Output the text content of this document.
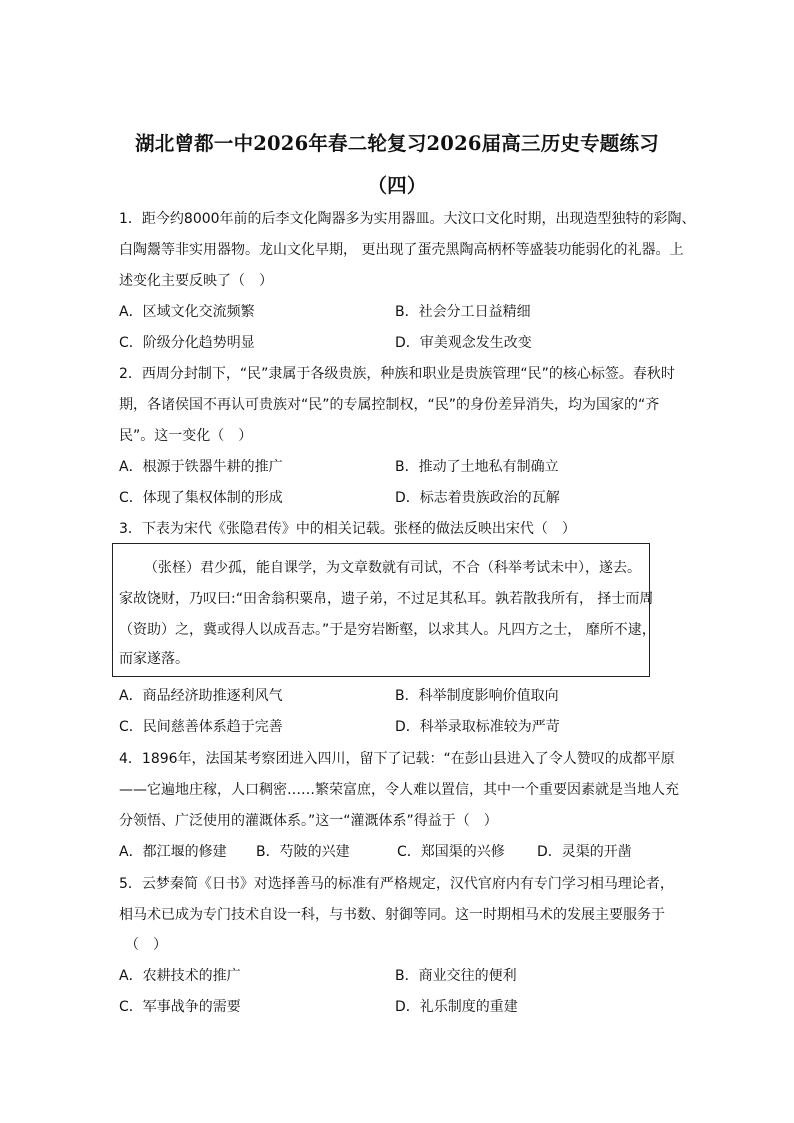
湖北曾都一中2026年春二轮复习2026届高三历史专题练习
（四）
1．距今约8000年前的后李文化陶器多为实用器皿。大汶口文化时期，出现造型独特的彩陶、
白陶鬶等非实用器物。龙山文化早期， 更出现了蛋壳黑陶高柄杯等盛装功能弱化的礼器。上
述变化主要反映了（　）
A．区域文化交流频繁	B．社会分工日益精细
C．阶级分化趋势明显	D．审美观念发生改变
2．西周分封制下，“民”隶属于各级贵族，种族和职业是贵族管理“民”的核心标签。春秋时
期，各诸侯国不再认可贵族对“民”的专属控制权，“民”的身份差异消失，均为国家的“齐
民”。这一变化（　）
A．根源于铁器牛耕的推广	B．推动了土地私有制确立
C．体现了集权体制的形成	D．标志着贵族政治的瓦解
3．下表为宋代《张隐君传》中的相关记载。张柽的做法反映出宋代（　）
　　（张柽）君少孤，能自课学，为文章数就有司试，不合（科举考试未中），遂去。
家故饶财，乃叹曰:“田舍翁积粟帛，遗子弟，不过足其私耳。孰若散我所有， 择士而周
（资助）之，冀或得人以成吾志。”于是穷岩断壑，以求其人。凡四方之士， 靡所不逮，
而家遂落。
A．商品经济助推逐利风气	B．科举制度影响价值取向
C．民间慈善体系趋于完善	D．科举录取标准较为严苛
4．1896年，法国某考察团进入四川，留下了记载：“在彭山县进入了令人赞叹的成都平原
——它遍地庄稼，人口稠密……繁荣富庶，令人难以置信，其中一个重要因素就是当地人充
分领悟、广泛使用的灌溉体系。”这一“灌溉体系”得益于（　）
A．都江堰的修建 B．芍陂的兴建	C．郑国渠的兴修 D．灵渠的开凿
5．云梦秦简《日书》对选择善马的标准有严格规定，汉代官府内有专门学习相马理论者，
相马术已成为专门技术自设一科，与书数、射御等同。这一时期相马术的发展主要服务于
（　）
A．农耕技术的推广	B．商业交往的便利
C．军事战争的需要	D．礼乐制度的重建
